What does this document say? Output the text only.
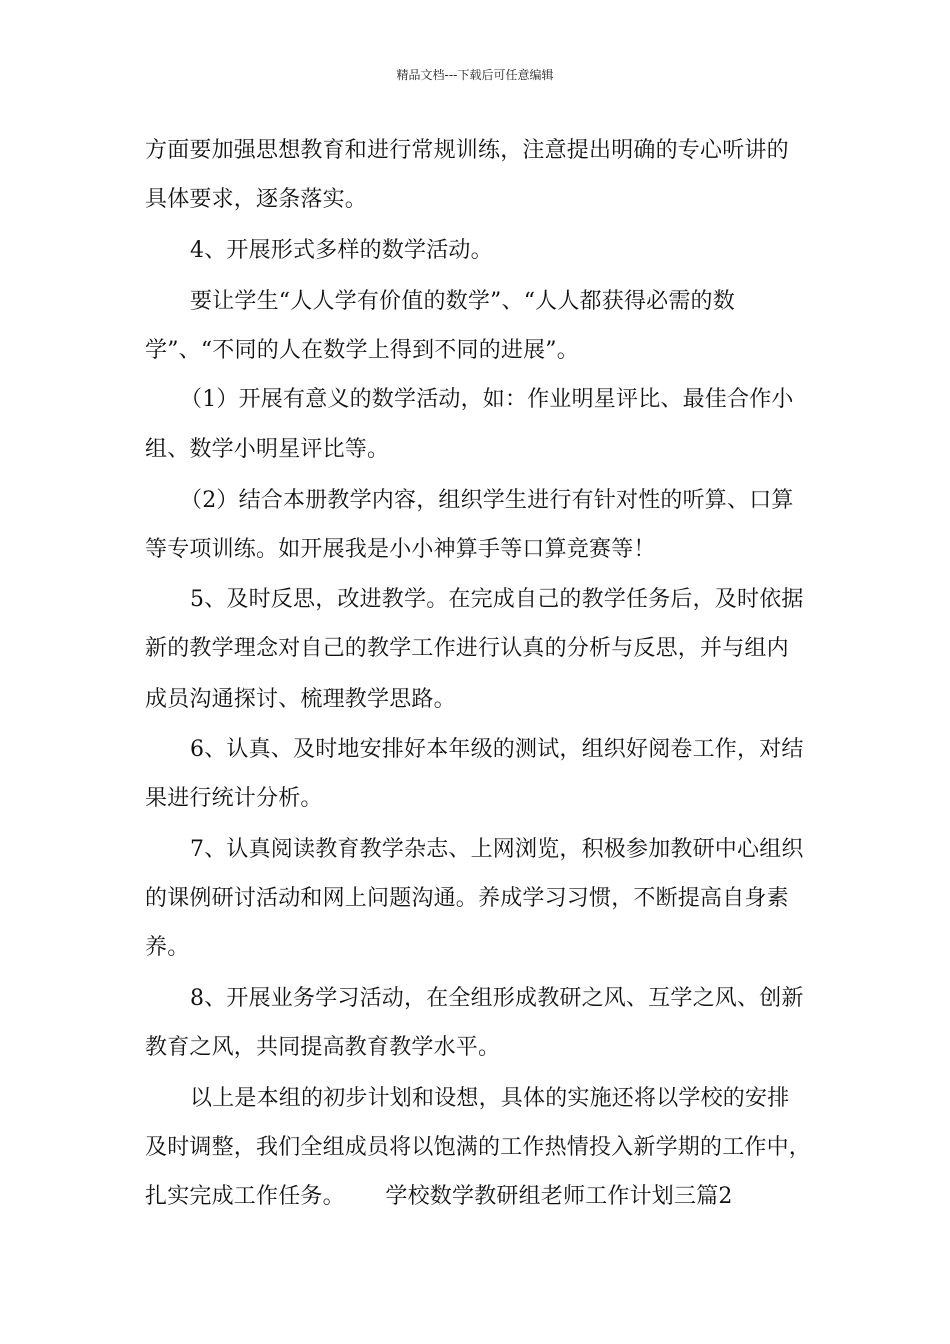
精品文档---下载后可任意编辑
方面要加强思想教育和进行常规训练，注意提出明确的专心听讲的
具体要求，逐条落实。
4、开展形式多样的数学活动。
要让学生“人人学有价值的数学”、“人人都获得必需的数
学”、“不同的人在数学上得到不同的进展”。
（1）开展有意义的数学活动，如：作业明星评比、最佳合作小
组、数学小明星评比等。
（2）结合本册教学内容，组织学生进行有针对性的听算、口算
等专项训练。如开展我是小小神算手等口算竞赛等！
5、及时反思，改进教学。在完成自己的教学任务后，及时依据
新的教学理念对自己的教学工作进行认真的分析与反思，并与组内
成员沟通探讨、梳理教学思路。
6、认真、及时地安排好本年级的测试，组织好阅卷工作，对结
果进行统计分析。
7、认真阅读教育教学杂志、上网浏览，积极参加教研中心组织
的课例研讨活动和网上问题沟通。养成学习习惯，不断提高自身素
养。
8、开展业务学习活动，在全组形成教研之风、互学之风、创新
教育之风，共同提高教育教学水平。
以上是本组的初步计划和设想，具体的实施还将以学校的安排
及时调整，我们全组成员将以饱满的工作热情投入新学期的工作中，
扎实完成工作任务。　　 学校数学教研组老师工作计划三篇2
